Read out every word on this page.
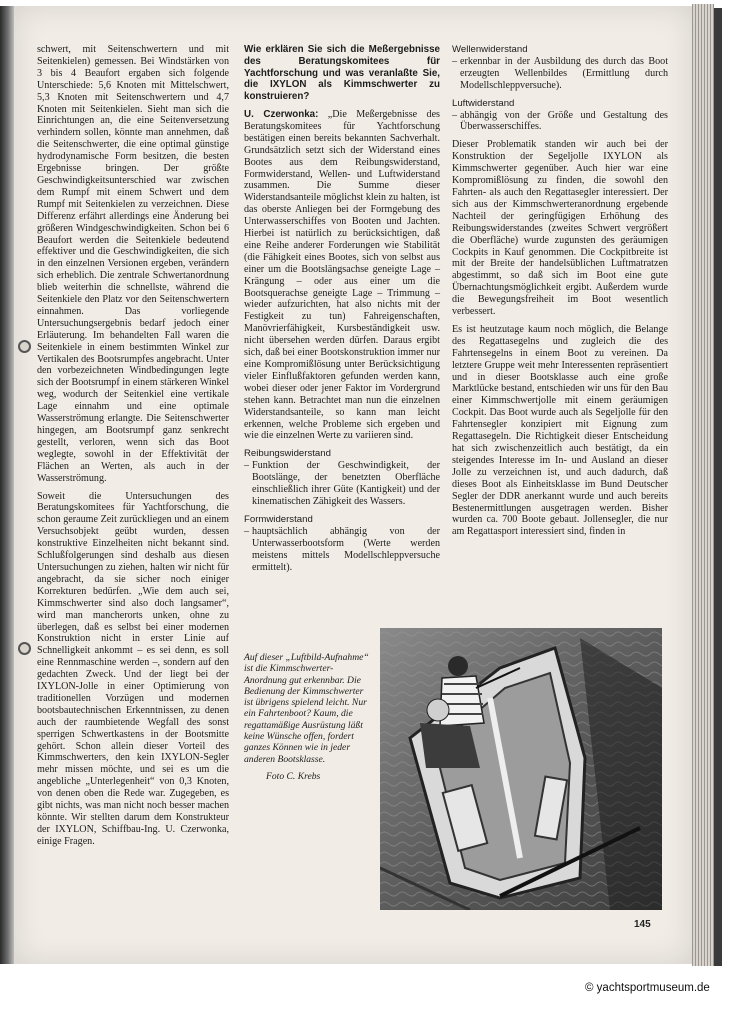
schwert, mit Seitenschwertern und mit Seitenkielen) gemessen. Bei Windstärken von 3 bis 4 Beaufort ergaben sich folgende Unterschiede: 5,6 Knoten mit Mittelschwert, 5,3 Knoten mit Seitenschwertern und 4,7 Knoten mit Seitenkielen. Sieht man sich die Einrichtungen an, die eine Seitenversetzung verhindern sollen, könnte man annehmen, daß die Seitenschwerter, die eine optimal günstige hydrodynamische Form besitzen, die besten Ergebnisse bringen. Der größte Geschwindigkeitsunterschied war zwischen dem Rumpf mit einem Schwert und dem Rumpf mit Seitenkielen zu verzeichnen. Diese Differenz erfährt allerdings eine Änderung bei größeren Windgeschwindigkeiten. Schon bei 6 Beaufort werden die Seitenkiele bedeutend effektiver und die Geschwindigkeiten, die sich in den einzelnen Versionen ergeben, verändern sich erheblich. Die zentrale Schwertanordnung blieb weiterhin die schnellste, während die Seitenkiele den Platz vor den Seitenschwertern einnahmen. Das vorliegende Untersuchungsergebnis bedarf jedoch einer Erläuterung. Im behandelten Fall waren die Seitenkiele in einem bestimmten Winkel zur Vertikalen des Bootsrumpfes angebracht. Unter den vorbezeichneten Windbedingungen legte sich der Bootsrumpf in einem stärkeren Winkel weg, wodurch der Seitenkiel eine vertikale Lage einnahm und eine optimale Wasserströmung erlangte. Die Seitenschwerter hingegen, am Bootsrumpf ganz senkrecht gestellt, verloren, wenn sich das Boot weglegte, sowohl in der Effektivität der Flächen an Werten, als auch in der Wasserströmung.

Soweit die Untersuchungen des Beratungskomitees für Yachtforschung, die schon geraume Zeit zurückliegen und an einem Versuchsobjekt geübt wurden, dessen konstruktive Einzelheiten nicht bekannt sind. Schlußfolgerungen sind deshalb aus diesen Untersuchungen zu ziehen, halten wir nicht für angebracht, da sie sicher noch einiger Korrekturen bedürfen. „Wie dem auch sei, Kimmschwerter sind also doch langsamer“, wird man mancherorts unken, ohne zu überlegen, daß es selbst bei einer modernen Konstruktion nicht in erster Linie auf Schnelligkeit ankommt – es sei denn, es soll eine Rennmaschine werden –, sondern auf den gedachten Zweck. Und der liegt bei der IXYLON-Jolle in einer Optimierung von traditionellen Vorzügen und modernen bootsbautechnischen Erkenntnissen, zu denen auch der raumbietende Wegfall des sonst sperrigen Schwertkastens in der Bootsmitte gehört. Schon allein dieser Vorteil des Kimmschwerters, den kein IXYLON-Segler mehr missen möchte, und sei es um die angebliche „Unterlegenheit“ von 0,3 Knoten, von denen oben die Rede war. Zugegeben, es gibt nichts, was man nicht noch besser machen könnte. Wir stellten darum dem Konstrukteur der IXYLON, Schiffbau-Ing. U. Czerwonka, einige Fragen.

Wie erklären Sie sich die Meßergebnisse des Beratungskomitees für Yachtforschung und was veranlaßte Sie, die IXYLON als Kimmschwerter zu konstruieren?

U. Czerwonka: „Die Meßergebnisse des Beratungskomitees für Yachtforschung bestätigen einen bereits bekannten Sachverhalt. Grundsätzlich setzt sich der Widerstand eines Bootes aus dem Reibungswiderstand, Formwiderstand, Wellen- und Luftwiderstand zusammen. Die Summe dieser Widerstandsanteile möglichst klein zu halten, ist das oberste Anliegen bei der Formgebung des Unterwasserschiffes von Booten und Jachten. Hierbei ist natürlich zu berücksichtigen, daß eine Reihe anderer Forderungen wie Stabilität (die Fähigkeit eines Bootes, sich von selbst aus einer um die Bootslängsachse geneigte Lage – Krängung – oder aus einer um die Bootsquerachse geneigte Lage – Trimmung – wieder aufzurichten, hat also nichts mit der Festigkeit zu tun) Fahreigenschaften, Manövrierfähigkeit, Kursbeständigkeit usw. nicht übersehen werden dürfen. Daraus ergibt sich, daß bei einer Bootskonstruktion immer nur eine Kompromißlösung unter Berücksichtigung vieler Einflußfaktoren gefunden werden kann, wobei dieser oder jener Faktor im Vordergrund stehen kann. Betrachtet man nun die einzelnen Widerstandsanteile, so kann man leicht erkennen, welche Probleme sich ergeben und wie die einzelnen Werte zu variieren sind.

Reibungswiderstand
– Funktion der Geschwindigkeit, der Bootslänge, der benetzten Oberfläche einschließlich ihrer Güte (Kantigkeit) und der kinematischen Zähigkeit des Wassers.
Formwiderstand
– hauptsächlich abhängig von der Unterwasserbootsform (Werte werden meistens mittels Modellschleppversuche ermittelt).
Wellenwiderstand
– erkennbar in der Ausbildung des durch das Boot erzeugten Wellenbildes (Ermittlung durch Modellschleppversuche).
Luftwiderstand
– abhängig von der Größe und Gestaltung des Überwasserschiffes.

Dieser Problematik standen wir auch bei der Konstruktion der Segeljolle IXYLON als Kimmschwerter gegenüber. Auch hier war eine Kompromißlösung zu finden, die sowohl den Fahrten- als auch den Regattasegler interessiert. Der sich aus der Kimmschwerteranordnung ergebende Nachteil der geringfügigen Erhöhung des Reibungswiderstandes (zweites Schwert vergrößert die Oberfläche) wurde zugunsten des geräumigen Cockpits in Kauf genommen. Die Cockpitbreite ist mit der Breite der handelsüblichen Luftmatratzen abgestimmt, so daß sich im Boot eine gute Übernachtungsmöglichkeit ergibt. Außerdem wurde die Bewegungsfreiheit im Boot wesentlich verbessert.

Es ist heutzutage kaum noch möglich, die Belange des Regattasegelns und zugleich die des Fahrtensegelns in einem Boot zu vereinen. Da letztere Gruppe weit mehr Interessenten repräsentiert und in dieser Bootsklasse auch eine große Marktlücke bestand, entschieden wir uns für den Bau einer Kimmschwertjolle mit einem geräumigen Cockpit. Das Boot wurde auch als Segeljolle für den Fahrtensegler konzipiert mit Eignung zum Regattasegeln. Die Richtigkeit dieser Entscheidung hat sich zwischenzeitlich auch bestätigt, da ein steigendes Interesse im In- und Ausland an dieser Jolle zu verzeichnen ist, und auch dadurch, daß dieses Boot als Einheitsklasse im Bund Deutscher Segler der DDR anerkannt wurde und auch bereits Bestenermittlungen ausgetragen werden. Bisher wurden ca. 700 Boote gebaut. Jollensegler, die nur am Regattasport interessiert sind, finden in

Auf dieser „Luftbild-Aufnahme“ ist die Kimmschwerter-Anordnung gut erkennbar. Die Bedienung der Kimmschwerter ist übrigens spielend leicht. Nur ein Fahrtenboot? Kaum, die regattamäßige Ausrüstung läßt keine Wünsche offen, fordert ganzes Können wie in jeder anderen Bootsklasse.
Foto C. Krebs
145
© yachtsportmuseum.de
